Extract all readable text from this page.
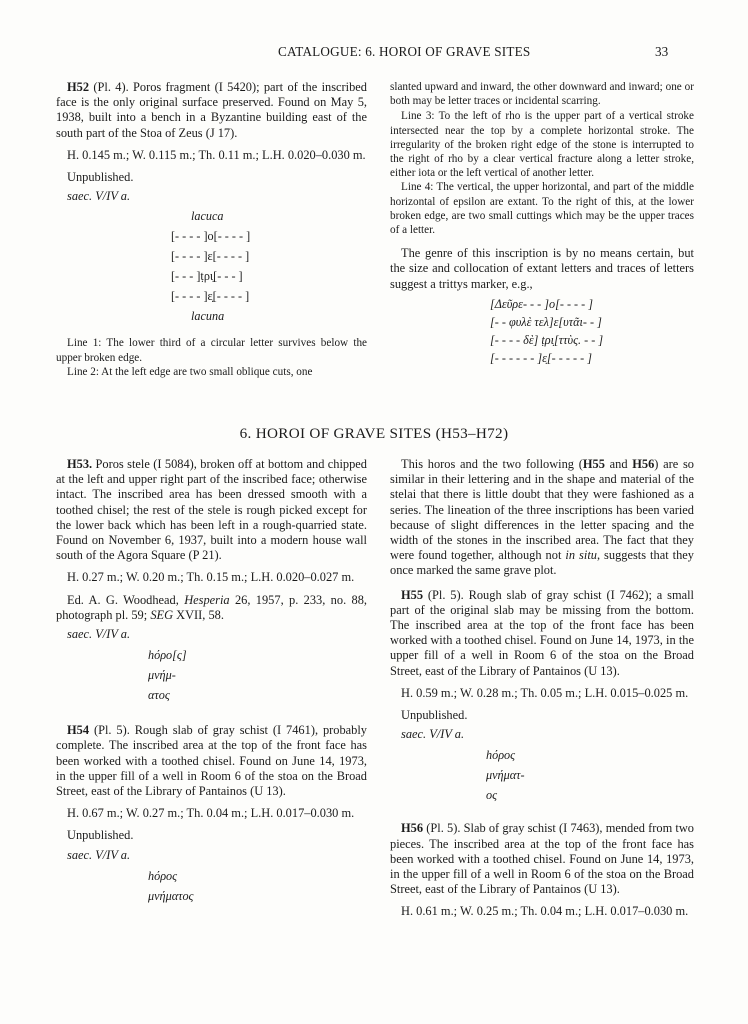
CATALOGUE: 6. HOROI OF GRAVE SITES	33

H52 (Pl. 4). Poros fragment (I 5420); part of the inscribed face is the only original surface preserved. Found on May 5, 1938, built into a bench in a Byzantine building east of the south part of the Stoa of Zeus (J 17).

H. 0.145 m.; W. 0.115 m.; Th. 0.11 m.; L.H. 0.020–0.030 m.

Unpublished.

saec. V/IV a.

lacuca
[- - - - ]o[- - - - ]
[- - - - ]ε[- - - - ]
[- - - ]ṭρι̣[- - - ]
[- - - - ]ε̣[- - - - ]
lacuna

Line 1: The lower third of a circular letter survives below the upper broken edge.

Line 2: At the left edge are two small oblique cuts, one

slanted upward and inward, the other downward and inward; one or both may be letter traces or incidental scarring.

Line 3: To the left of rho is the upper part of a vertical stroke intersected near the top by a complete horizontal stroke. The irregularity of the broken right edge of the stone is interrupted to the right of rho by a clear vertical fracture along a letter stroke, either iota or the left vertical of another letter.

Line 4: The vertical, the upper horizontal, and part of the middle horizontal of epsilon are extant. To the right of this, at the lower broken edge, are two small cuttings which may be the upper traces of a letter.

The genre of this inscription is by no means certain, but the size and collocation of extant letters and traces of letters suggest a trittys marker, e.g.,

[Δεῦρε- - - ]ο[- - - - ]
[- - φυλὲ τελ]ε[υτᾶι- - ]
[- - - - δὲ] ṭρι̣[ττὺς. - - ]
[- - - - - - ]ε̣[- - - - - ]
6. HOROI OF GRAVE SITES (H53–H72)

H53. Poros stele (I 5084), broken off at bottom and chipped at the left and upper right part of the inscribed face; otherwise intact. The inscribed area has been dressed smooth with a toothed chisel; the rest of the stele is rough picked except for the lower back which has been left in a rough-quarried state. Found on November 6, 1937, built into a modern house wall south of the Agora Square (P 21).

H. 0.27 m.; W. 0.20 m.; Th. 0.15 m.; L.H. 0.020–0.027 m.

Ed. A. G. Woodhead, Hesperia 26, 1957, p. 233, no. 88, photograph pl. 59; SEG XVII, 58.

saec. V/IV a.

hόρο[ς]
μνήμ-
ατος

H54 (Pl. 5). Rough slab of gray schist (I 7461), probably complete. The inscribed area at the top of the front face has been worked with a toothed chisel. Found on June 14, 1973, in the upper fill of a well in Room 6 of the stoa on the Broad Street, east of the Library of Pantainos (U 13).

H. 0.67 m.; W. 0.27 m.; Th. 0.04 m.; L.H. 0.017–0.030 m.

Unpublished.

saec. V/IV a.

hόρος
μνήματος

This horos and the two following (H55 and H56) are so similar in their lettering and in the shape and material of the stelai that there is little doubt that they were fashioned as a series. The lineation of the three inscriptions has been varied because of slight differences in the letter spacing and the width of the stones in the inscribed area. The fact that they were found together, although not in situ, suggests that they once marked the same grave plot.

H55 (Pl. 5). Rough slab of gray schist (I 7462); a small part of the original slab may be missing from the bottom. The inscribed area at the top of the front face has been worked with a toothed chisel. Found on June 14, 1973, in the upper fill of a well in Room 6 of the stoa on the Broad Street, east of the Library of Pantainos (U 13).

H. 0.59 m.; W. 0.28 m.; Th. 0.05 m.; L.H. 0.015–0.025 m.

Unpublished.

saec. V/IV a.

hόρος
μνήματ-
ος

H56 (Pl. 5). Slab of gray schist (I 7463), mended from two pieces. The inscribed area at the top of the front face has been worked with a toothed chisel. Found on June 14, 1973, in the upper fill of a well in Room 6 of the stoa on the Broad Street, east of the Library of Pantainos (U 13).

H. 0.61 m.; W. 0.25 m.; Th. 0.04 m.; L.H. 0.017–0.030 m.
